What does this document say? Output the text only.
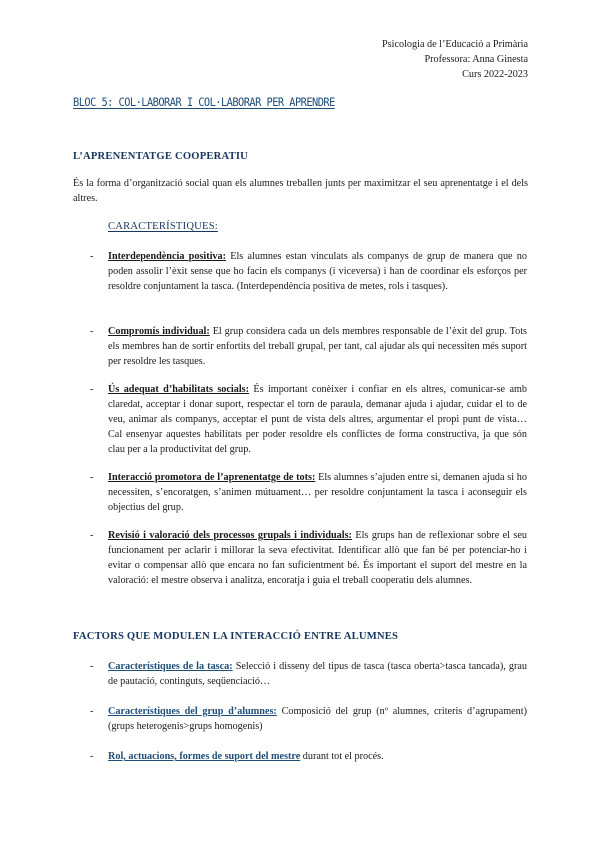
Psicologia de l’Educació a Primària
Professora: Anna Ginesta
Curs 2022-2023
BLOC 5: COL·LABORAR I COL·LABORAR PER APRENDRE
L’APRENENTATGE COOPERATIU
És la forma d’organització social quan els alumnes treballen junts per maximitzar el seu aprenentatge i el dels altres.
CARACTERÍSTIQUES:
- Interdependència positiva: Els alumnes estan vinculats als companys de grup de manera que no poden assolir l’èxit sense que ho facin els companys (i viceversa) i han de coordinar els esforços per resoldre conjuntament la tasca. (Interdependència positiva de metes, rols i tasques).
- Compromís individual: El grup considera cada un dels membres responsable de l’èxit del grup. Tots els membres han de sortir enfortits del treball grupal, per tant, cal ajudar als qui necessiten més suport per resoldre les tasques.
- Ús adequat d’habilitats socials: És important conèixer i confiar en els altres, comunicar-se amb claredat, acceptar i donar suport, respectar el torn de paraula, demanar ajuda i ajudar, cuidar el to de veu, animar als companys, acceptar el punt de vista dels altres, argumentar el propi punt de vista… Cal ensenyar aquestes habilitats per poder resoldre els conflictes de forma constructiva, ja que són clau per a la productivitat del grup.
- Interacció promotora de l’aprenentatge de tots: Els alumnes s’ajuden entre si, demanen ajuda si ho necessiten, s’encoratgen, s’animen mútuament… per resoldre conjuntament la tasca i aconseguir els objectius del grup.
- Revisió i valoració dels processos grupals i individuals: Els grups han de reflexionar sobre el seu funcionament per aclarir i millorar la seva efectivitat. Identificar allò que fan bé per potenciar-ho i evitar o compensar allò que encara no fan suficientment bé. És important el suport del mestre en la valoració: el mestre observa i analitza, encoratja i guia el treball cooperatiu dels alumnes.
FACTORS QUE MODULEN LA INTERACCIÓ ENTRE ALUMNES
- Característiques de la tasca: Selecció i disseny del tipus de tasca (tasca oberta>tasca tancada), grau de pautació, continguts, seqüenciació…
- Característiques del grup d’alumnes: Composició del grup (nº alumnes, criteris d’agrupament) (grups heterogenis>grups homogenis)
- Rol, actuacions, formes de suport del mestre durant tot el procés.
